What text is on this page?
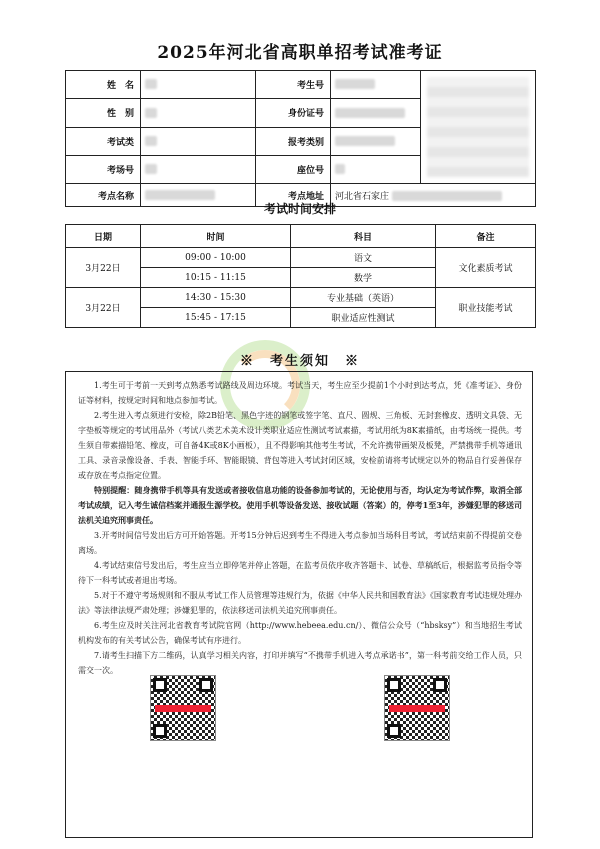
2025年河北省高职单招考试准考证
姓　名		考生号		

性　别		身份证号		
考试类		报考类别		
考场号		座位号		
考点名称		考点地址	河北省石家庄	
考试时间安排
日期	时间	科目	备注
3月22日	09:00 - 10:00	语文	文化素质考试
	10:15 - 11:15	数学	
3月22日	14:30 - 15:30	专业基础（英语）	职业技能考试
	15:45 - 17:15	职业适应性测试	
※　考生须知　※

1.考生可于考前一天到考点熟悉考试路线及周边环境。考试当天，考生应至少提前1个小时到达考点，凭《准考证》、身份证等材料，按规定时间和地点参加考试。

2.考生进入考点须进行安检，除2B铅笔、黑色字迹的钢笔或签字笔、直尺、圆规、三角板、无封套橡皮、透明文具袋、无字垫板等规定的考试用品外（考试八类艺术美术设计类职业适应性测试考试素描，考试用纸为8K素描纸，由考场统一提供。考生须自带素描铅笔、橡皮，可自备4K或8K小画板），且不得影响其他考生考试，不允许携带画架及板凳，严禁携带手机等通讯工具、录音录像设备、手表、智能手环、智能眼镜、背包等进入考试封闭区域，安检前请将考试规定以外的物品自行妥善保存或存放在考点指定位置。

特别提醒：随身携带手机等具有发送或者接收信息功能的设备参加考试的，无论使用与否，均认定为考试作弊，取消全部考试成绩，记入考生诚信档案并通报生源学校。使用手机等设备发送、接收试题（答案）的，停考1至3年，涉嫌犯罪的移送司法机关追究刑事责任。

3.开考时间信号发出后方可开始答题。开考15分钟后迟到考生不得进入考点参加当场科目考试，考试结束前不得提前交卷离场。

4.考试结束信号发出后，考生应当立即停笔并停止答题，在监考员依序收齐答题卡、试卷、草稿纸后，根据监考员指令等待下一科考试或者退出考场。

5.对于不遵守考场规则和不服从考试工作人员管理等违规行为，依据《中华人民共和国教育法》《国家教育考试违规处理办法》等法律法规严肃处理；涉嫌犯罪的，依法移送司法机关追究刑事责任。

6.考生应及时关注河北省教育考试院官网（http://www.hebeea.edu.cn/）、微信公众号（“hbsksy”）和当地招生考试机构发布的有关考试公告，确保考试有序进行。

7.请考生扫描下方二维码，认真学习相关内容，打印并填写“不携带手机进入考点承诺书”，第一科考前交给工作人员，只需交一次。
